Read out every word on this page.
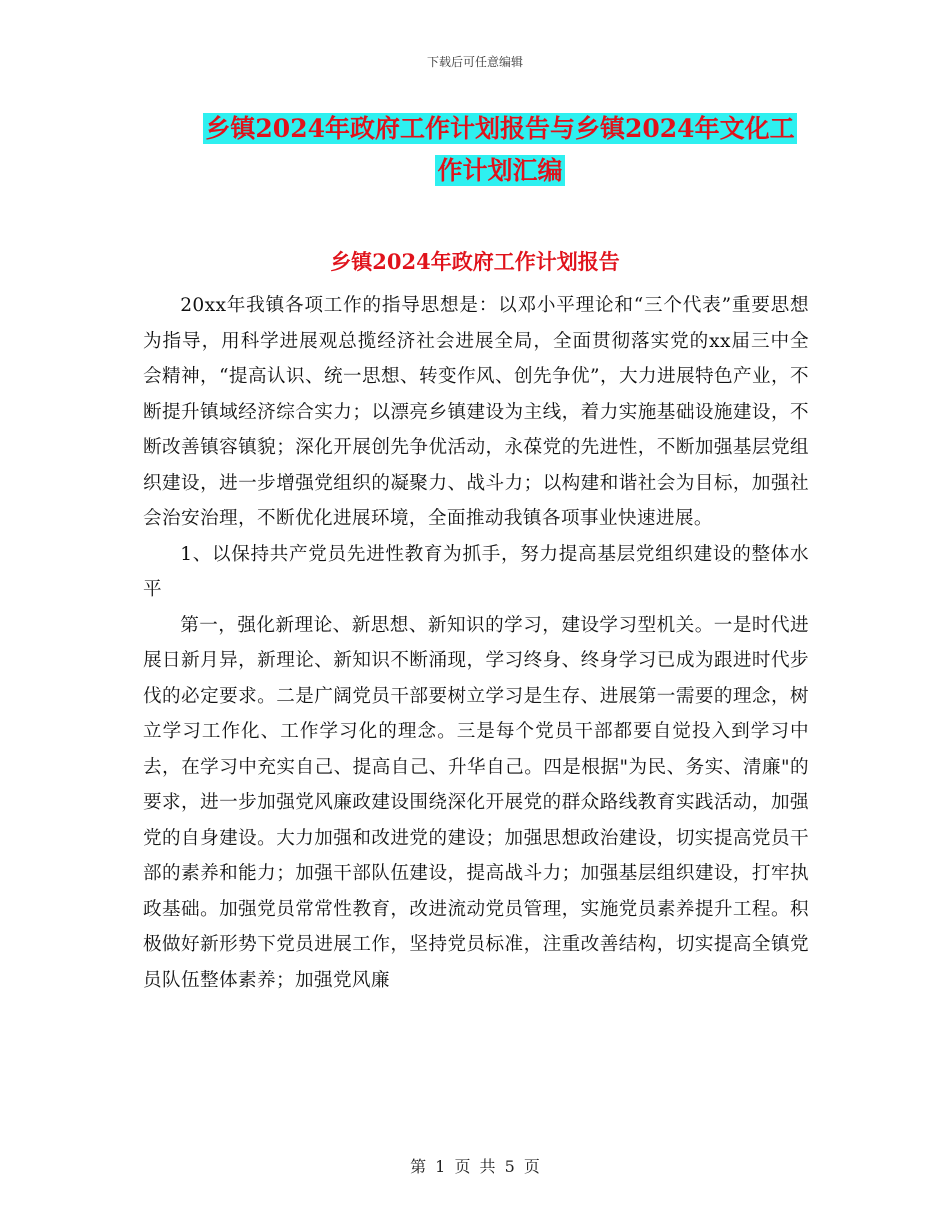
下载后可任意编辑
乡镇2024年政府工作计划报告与乡镇2024年文化工
作计划汇编
乡镇2024年政府工作计划报告

20xx年我镇各项工作的指导思想是：以邓小平理论和“三个代表”重要思想为指导，用科学进展观总揽经济社会进展全局，全面贯彻落实党的xx届三中全会精神，“提高认识、统一思想、转变作风、创先争优”，大力进展特色产业，不断提升镇域经济综合实力；以漂亮乡镇建设为主线，着力实施基础设施建设，不断改善镇容镇貌；深化开展创先争优活动，永葆党的先进性，不断加强基层党组织建设，进一步增强党组织的凝聚力、战斗力；以构建和谐社会为目标，加强社会治安治理，不断优化进展环境，全面推动我镇各项事业快速进展。

1、以保持共产党员先进性教育为抓手，努力提高基层党组织建设的整体水平

第一，强化新理论、新思想、新知识的学习，建设学习型机关。一是时代进展日新月异，新理论、新知识不断涌现，学习终身、终身学习已成为跟进时代步伐的必定要求。二是广阔党员干部要树立学习是生存、进展第一需要的理念，树立学习工作化、工作学习化的理念。三是每个党员干部都要自觉投入到学习中去，在学习中充实自己、提高自己、升华自己。四是根据"为民、务实、清廉"的要求，进一步加强党风廉政建设围绕深化开展党的群众路线教育实践活动，加强党的自身建设。大力加强和改进党的建设；加强思想政治建设，切实提高党员干部的素养和能力；加强干部队伍建设，提高战斗力；加强基层组织建设，打牢执政基础。加强党员常常性教育，改进流动党员管理，实施党员素养提升工程。积极做好新形势下党员进展工作，坚持党员标准，注重改善结构，切实提高全镇党员队伍整体素养；加强党风廉

第 1 页 共 5 页
